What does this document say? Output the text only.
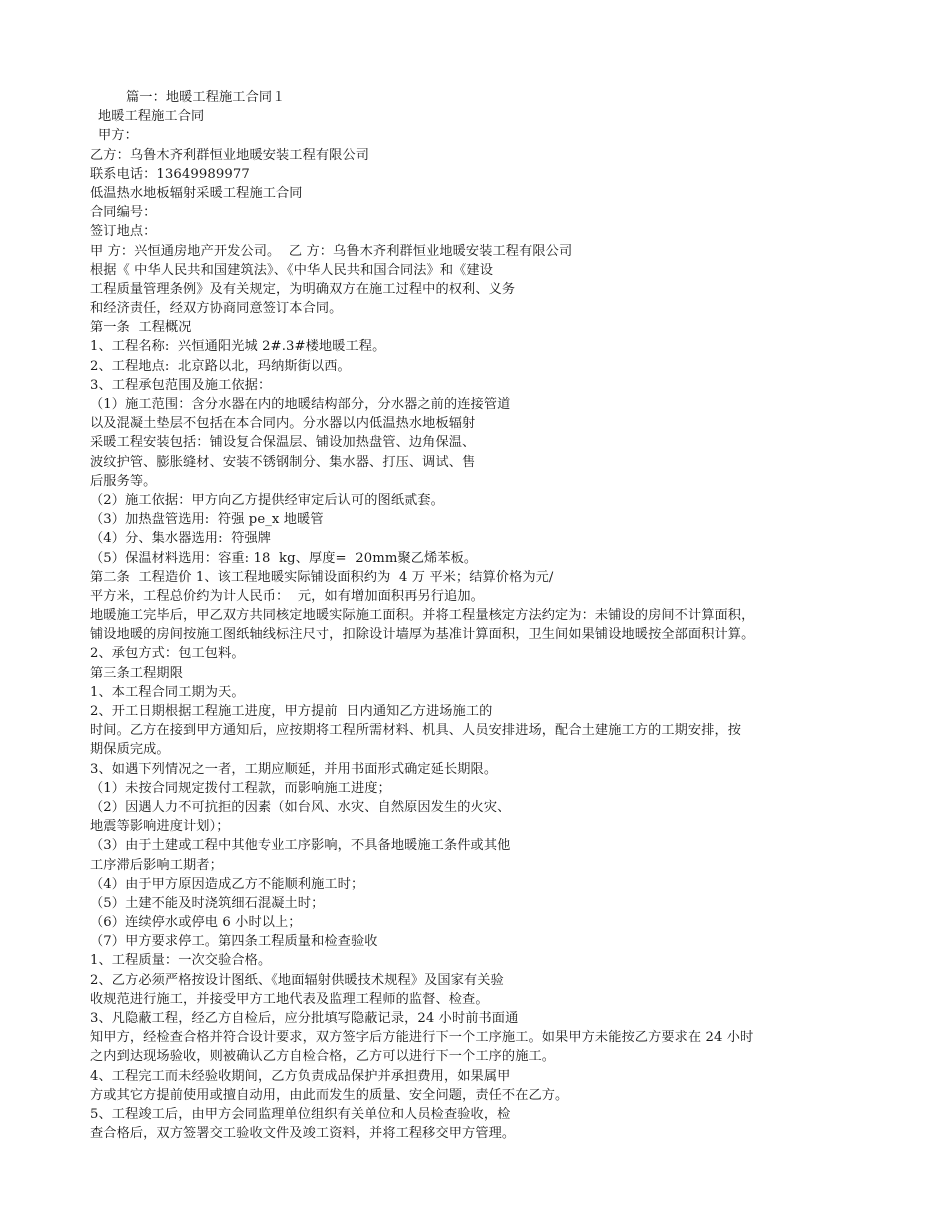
篇一：地暖工程施工合同１

地暖工程施工合同

甲方：

乙方：乌鲁木齐利群恒业地暖安装工程有限公司

联系电话：13649989977

低温热水地板辐射采暖工程施工合同

合同编号：

签订地点：

甲 方：兴恒通房地产开发公司。  乙 方：乌鲁木齐利群恒业地暖安装工程有限公司

根据《 中华人民共和国建筑法》、《中华人民共和国合同法》和《建设

工程质量管理条例》及有关规定，为明确双方在施工过程中的权利、义务

和经济责任，经双方协商同意签订本合同。

第一条  工程概况

1、工程名称:  兴恒通阳光城 2#.3#楼地暖工程。

2、工程地点:  北京路以北，玛纳斯街以西。

3、工程承包范围及施工依据：

（1）施工范围：含分水器在内的地暖结构部分，分水器之前的连接管道

以及混凝土垫层不包括在本合同内。分水器以内低温热水地板辐射

采暖工程安装包括：铺设复合保温层、铺设加热盘管、边角保温、

波纹护管、膨胀缝材、安装不锈钢制分、集水器、打压、调试、售

后服务等。

（2）施工依据：甲方向乙方提供经审定后认可的图纸贰套。

（3）加热盘管选用:  符强 pe_x 地暖管

（4）分、集水器选用:  符强牌

（5）保温材料选用：容重: 18  kg、厚度=  20mm聚乙烯苯板。

第二条  工程造价 1、该工程地暖实际铺设面积约为  4 万 平米；结算价格为元/

平方米，工程总价约为计人民币：  元，如有增加面积再另行追加。

地暖施工完毕后，甲乙双方共同核定地暖实际施工面积。并将工程量核定方法约定为：未铺设的房间不计算面积，

铺设地暖的房间按施工图纸轴线标注尺寸，扣除设计墙厚为基准计算面积，卫生间如果铺设地暖按全部面积计算。

2、承包方式：包工包料。

第三条工程期限

1、本工程合同工期为天。

2、开工日期根据工程施工进度，甲方提前  日内通知乙方进场施工的

时间。乙方在接到甲方通知后，应按期将工程所需材料、机具、人员安排进场，配合土建施工方的工期安排，按

期保质完成。

3、如遇下列情况之一者，工期应顺延，并用书面形式确定延长期限。

（1）未按合同规定拨付工程款，而影响施工进度；

（2）因遇人力不可抗拒的因素（如台风、水灾、自然原因发生的火灾、

地震等影响进度计划）；

（3）由于土建或工程中其他专业工序影响，不具备地暖施工条件或其他

工序滞后影响工期者；

（4）由于甲方原因造成乙方不能顺利施工时；

（5）土建不能及时浇筑细石混凝土时；

（6）连续停水或停电 6 小时以上；

（7）甲方要求停工。第四条工程质量和检查验收

1、工程质量：一次交验合格。

2、乙方必须严格按设计图纸、《地面辐射供暖技术规程》及国家有关验

收规范进行施工，并接受甲方工地代表及监理工程师的监督、检查。

3、凡隐蔽工程，经乙方自检后，应分批填写隐蔽记录，24 小时前书面通

知甲方，经检查合格并符合设计要求，双方签字后方能进行下一个工序施工。如果甲方未能按乙方要求在 24 小时

之内到达现场验收，则被确认乙方自检合格，乙方可以进行下一个工序的施工。

4、工程完工而未经验收期间，乙方负责成品保护并承担费用，如果属甲

方或其它方提前使用或擅自动用，由此而发生的质量、安全问题，责任不在乙方。

5、工程竣工后，由甲方会同监理单位组织有关单位和人员检查验收，检

查合格后，双方签署交工验收文件及竣工资料，并将工程移交甲方管理。
